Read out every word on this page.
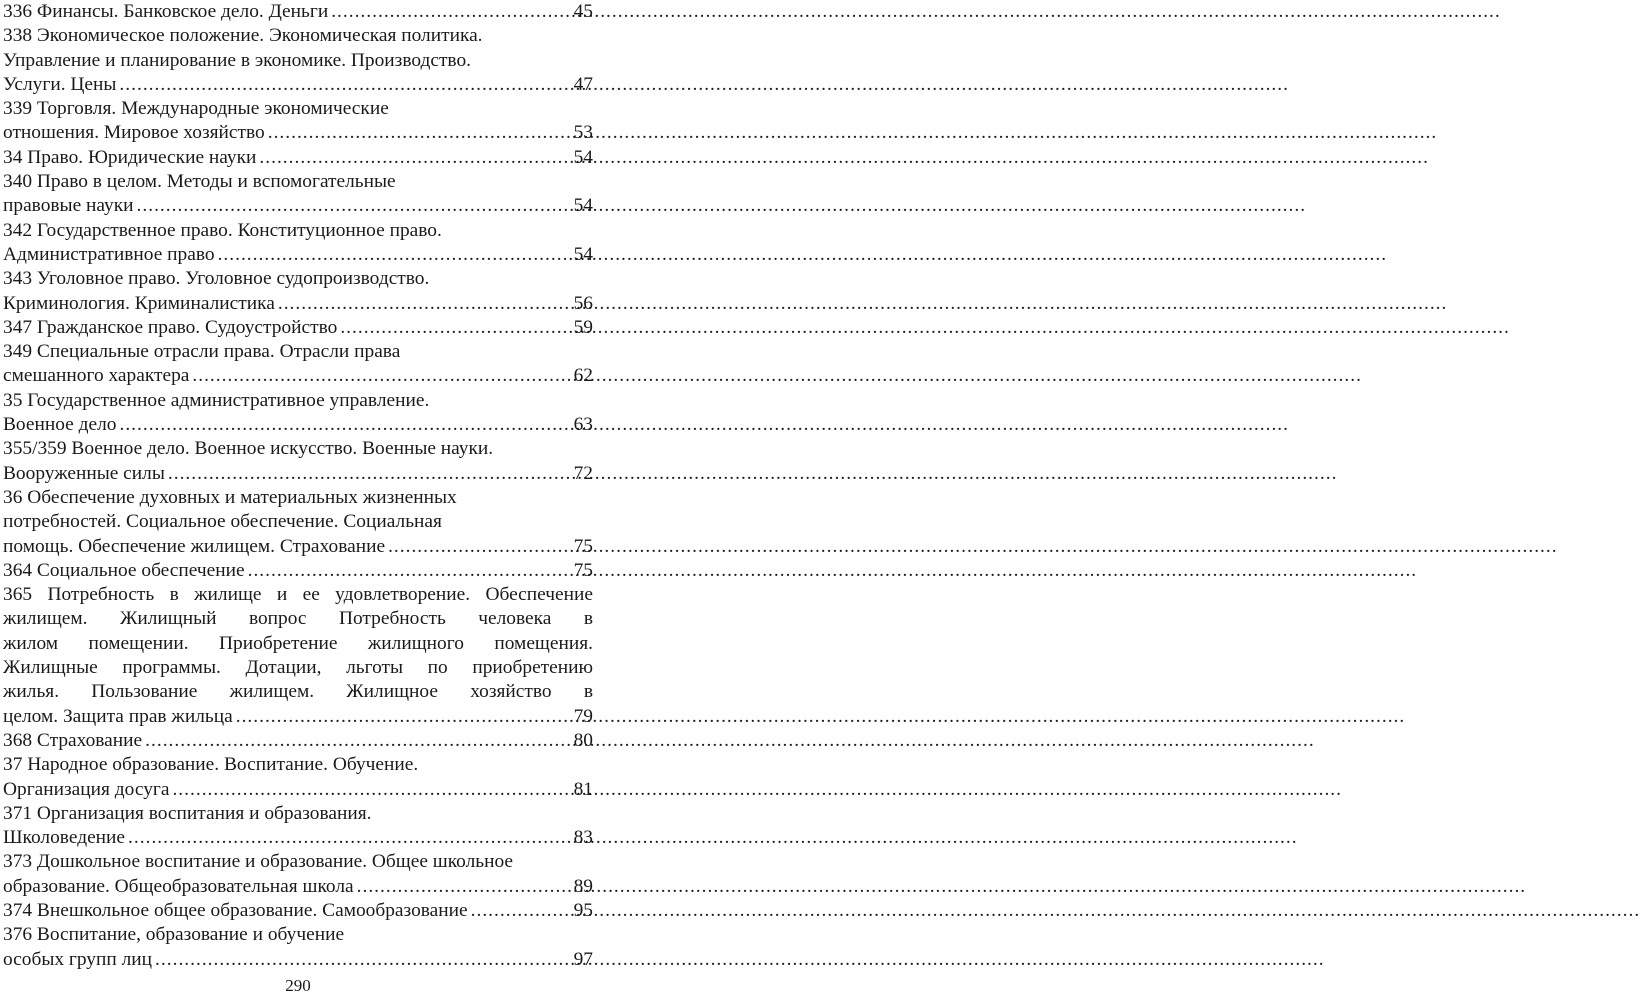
336 Финансы. Банковское дело. Деньги .....	45
338 Экономическое положение. Экономическая политика.
Управление и планирование в экономике. Производство.
Услуги. Цены .....	47
339 Торговля. Международные экономические
отношения. Мировое хозяйство .....	53
34 Право. Юридические науки .....	54
340 Право в целом. Методы и вспомогательные
правовые науки .....	54
342 Государственное право. Конституционное право.
Административное право .....	54
343 Уголовное право. Уголовное судопроизводство.
Криминология. Криминалистика .....	56
347 Гражданское право. Судоустройство .....	59
349 Специальные отрасли права. Отрасли права
смешанного характера .....	62
35 Государственное административное управление.
Военное дело .....	63
355/359 Военное дело. Военное искусство. Военные науки.
Вооруженные силы .....	72
36 Обеспечение духовных и материальных жизненных
потребностей. Социальное обеспечение. Социальная
помощь. Обеспечение жилищем. Страхование .....	75
364 Социальное обеспечение .....	75
365 Потребность в жилище и ее удовлетворение. Обеспечение
жилищем. Жилищный вопрос Потребность человека в
жилом помещении. Приобретение жилищного помещения.
Жилищные программы. Дотации, льготы по приобретению
жилья. Пользование жилищем. Жилищное хозяйство в
целом. Защита прав жильца .....	79
368 Страхование .....	80
37 Народное образование. Воспитание. Обучение.
Организация досуга .....	81
371 Организация воспитания и образования.
Школоведение .....	83
373 Дошкольное воспитание и образование. Общее школьное
образование. Общеобразовательная школа .....	89
374 Внешкольное общее образование. Самообразование .....	95
376 Воспитание, образование и обучение
особых групп лиц .....	97
290
